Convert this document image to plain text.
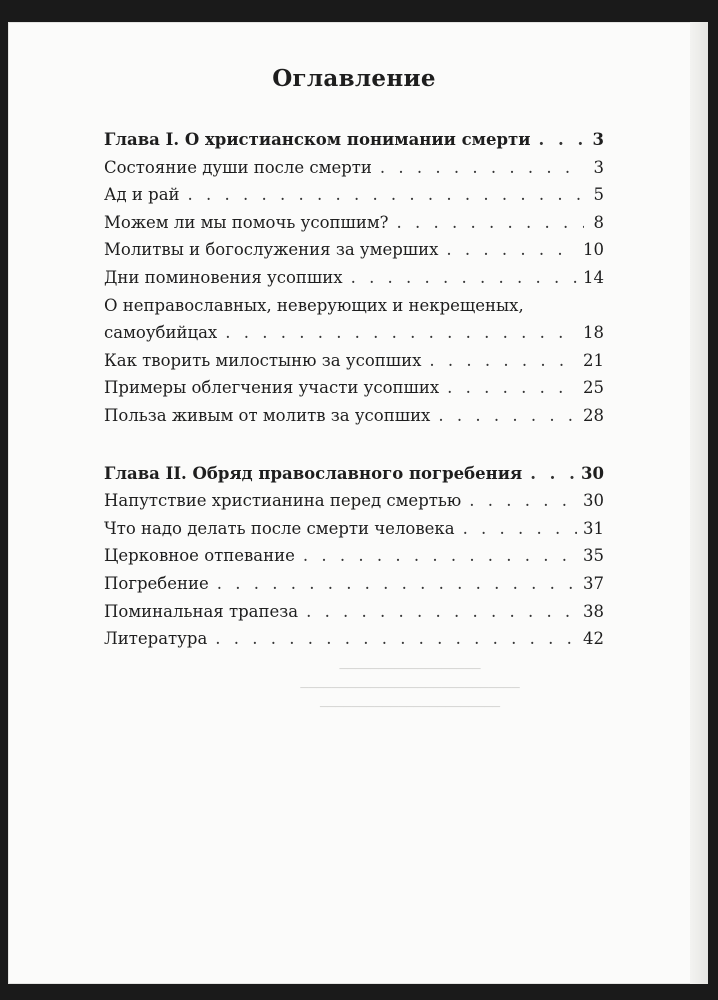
──────────────────
────────────────────────────
───────────────────────
Оглавление
Глава I. О христианском понимании смерти . . .	3
Состояние души после смерти . . .	3
Ад и рай . . .	5
Можем ли мы помочь усопшим? . . .	8
Молитвы и богослужения за умерших . . .	10
Дни поминовения усопших . . .	14
О неправославных, неверующих и некрещеных,
самоубийцах . . .	18
Как творить милостыню за усопших . . .	21
Примеры облегчения участи усопших . . .	25
Польза живым от молитв за усопших . . .	28
Глава II. Обряд православного погребения . . .	30
Напутствие христианина перед смертью . . .	30
Что надо делать после смерти человека . . .	31
Церковное отпевание . . .	35
Погребение . . .	37
Поминальная трапеза . . .	38
Литература . . .	42
